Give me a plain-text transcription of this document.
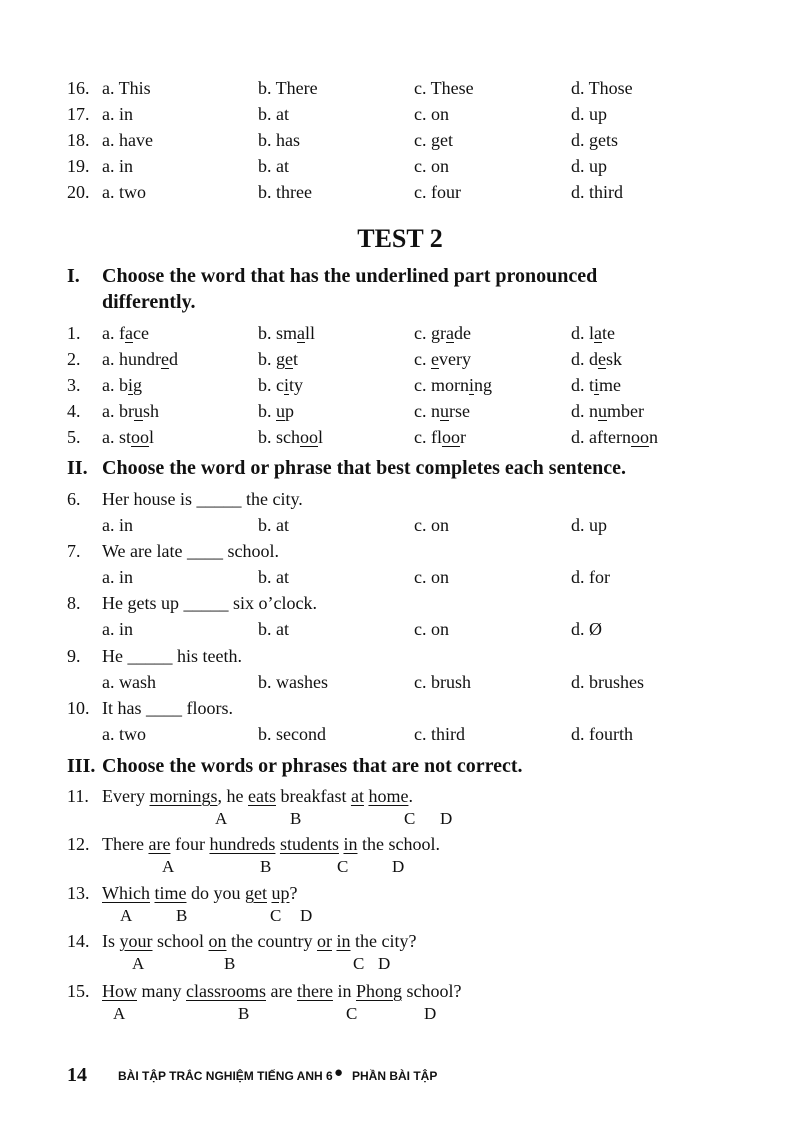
16. a. This	b. There	c. These	d. Those
17. a. in	b. at	c. on	d. up
18. a. have	b. has	c. get	d. gets
19. a. in	b. at	c. on	d. up
20. a. two	b. three	c. four	d. third
TEST 2
I. Choose the word that has the underlined part pronounced
differently.
1. a. face	b. small	c. grade	d. late
2. a. hundred	b. get	c. every	d. desk
3. a. big	b. city	c. morning	d. time
4. a. brush	b. up	c. nurse	d. number
5. a. stool	b. school	c. floor	d. afternoon
II. Choose the word or phrase that best completes each sentence.
6. Her house is _____ the city.
a. in	b. at	c. on	d. up
7. We are late ____ school.
a. in	b. at	c. on	d. for
8. He gets up _____ six o’clock.
a. in	b. at	c. on	d. Ø
9. He _____ his teeth.
a. wash	b. washes	c. brush	d. brushes
10. It has ____ floors.
a. two	b. second	c. third	d. fourth
III. Choose the words or phrases that are not correct.
11. Every mornings, he eats breakfast at home.
A	B	C D
12. There are four hundreds students in the school.
A	B	C	D
13. Which time do you get up?
A	B	C D
14. Is your school on the country or in the city?
A	B	C D
15. How many classrooms are there in Phong school?
A	B	C	D
14	BÀI TẬP TRẮC NGHIỆM TIẾNG ANH 6 ● PHẦN BÀI TẬP
